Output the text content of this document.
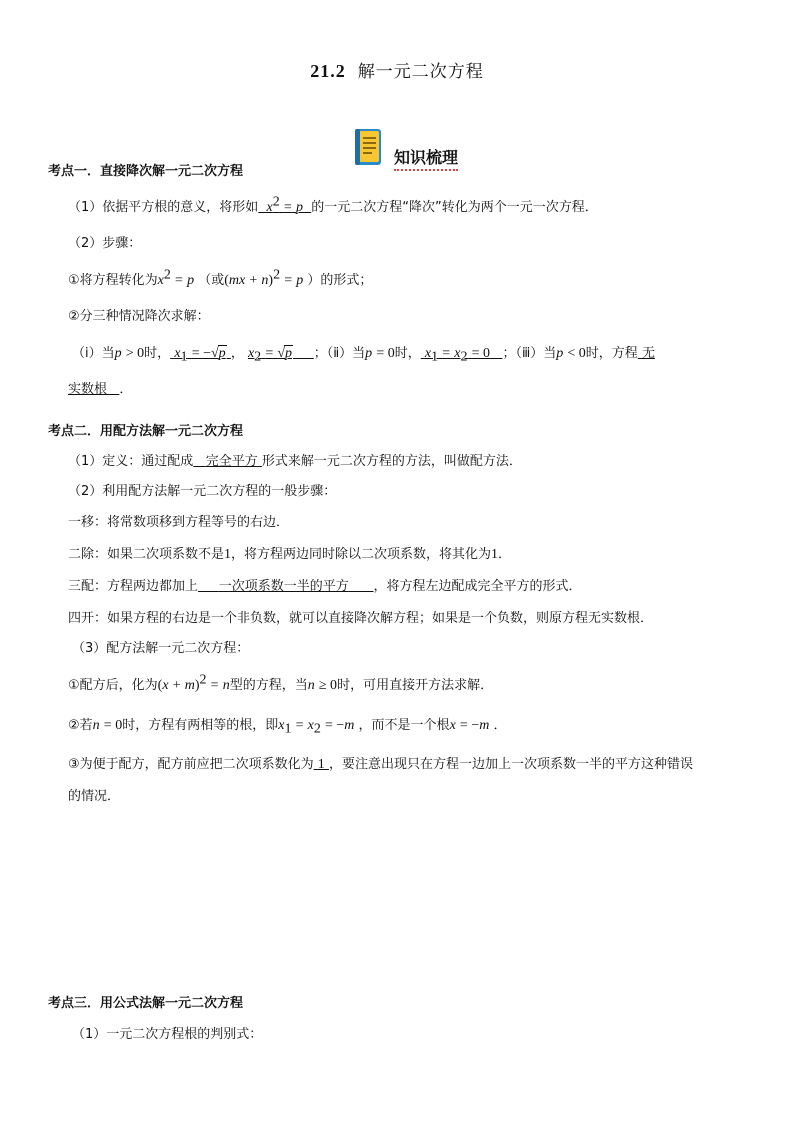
21.2 解一元二次方程
知识梳理
考点一．直接降次解一元二次方程
（1）依据平方根的意义，将形如 $x^2 = p$ 的一元二次方程“降次”转化为两个一元一次方程．
（2）步骤：
①将方程转化为$x^2 = p$ （或(mx + n)$^2$ = p ）的形式；
②分三种情况降次求解：
（ⅰ）当p > 0时， $x_1 = -√p$ ， $x_2 = √p$ ；（ⅱ）当p = 0时， $x_1 = x_2 = 0$ ；（ⅲ）当p < 0时，方程 无
实数根 ．
考点二．用配方法解一元二次方程
（1）定义：通过配成 完全平方 形式来解一元二次方程的方法，叫做配方法．
（2）利用配方法解一元二次方程的一般步骤：
一移：将常数项移到方程等号的右边．
二除：如果二次项系数不是1，将方程两边同时除以二次项系数，将其化为1．
三配：方程两边都加上 一次项系数一半的平方 ，将方程左边配成完全平方的形式．
四开：如果方程的右边是一个非负数，就可以直接降次解方程；如果是一个负数，则原方程无实数根．
（3）配方法解一元二次方程：
①配方后，化为$(x + m)^2 = n$型的方程，当n ≥ 0时，可用直接开方法求解．
②若n = 0时，方程有两相等的根，即$x_1 = x_2 = -m$ ，而不是一个根x = −m ．
③为便于配方，配方前应把二次项系数化为 1 ，要注意出现只在方程一边加上一次项系数一半的平方这种错误
的情况．
考点三．用公式法解一元二次方程
（1）一元二次方程根的判别式：
